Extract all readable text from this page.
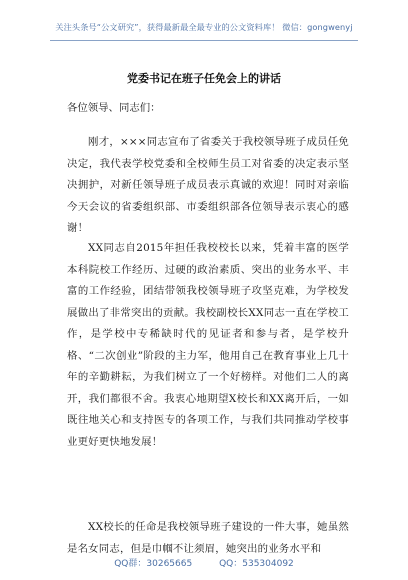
关注头条号“公文研究”，获得最新最全最专业的公文资料库！ 微信：gongwenyj
党委书记在班子任免会上的讲话
各位领导、同志们：
刚才，×××同志宣布了省委关于我校领导班子成员任免决定，我代表学校党委和全校师生员工对省委的决定表示坚决拥护，对新任领导班子成员表示真诚的欢迎！同时对亲临今天会议的省委组织部、市委组织部各位领导表示衷心的感谢！
XX同志自2015年担任我校校长以来，凭着丰富的医学本科院校工作经历、过硬的政治素质、突出的业务水平、丰富的工作经验，团结带领我校领导班子攻坚克难，为学校发展做出了非常突出的贡献。我校副校长XX同志一直在学校工作，是学校中专稀缺时代的见证者和参与者，是学校升格、“二次创业”阶段的主力军，他用自己在教育事业上几十年的辛勤耕耘，为我们树立了一个好榜样。对他们二人的离开，我们都很不舍。我衷心地期望X校长和XX离开后，一如既往地关心和支持医专的各项工作，与我们共同推动学校事业更好更快地发展！
XX校长的任命是我校领导班子建设的一件大事，她虽然是名女同志，但是巾帼不让须眉，她突出的业务水平和
QQ群：30265665	QQ：535304092
